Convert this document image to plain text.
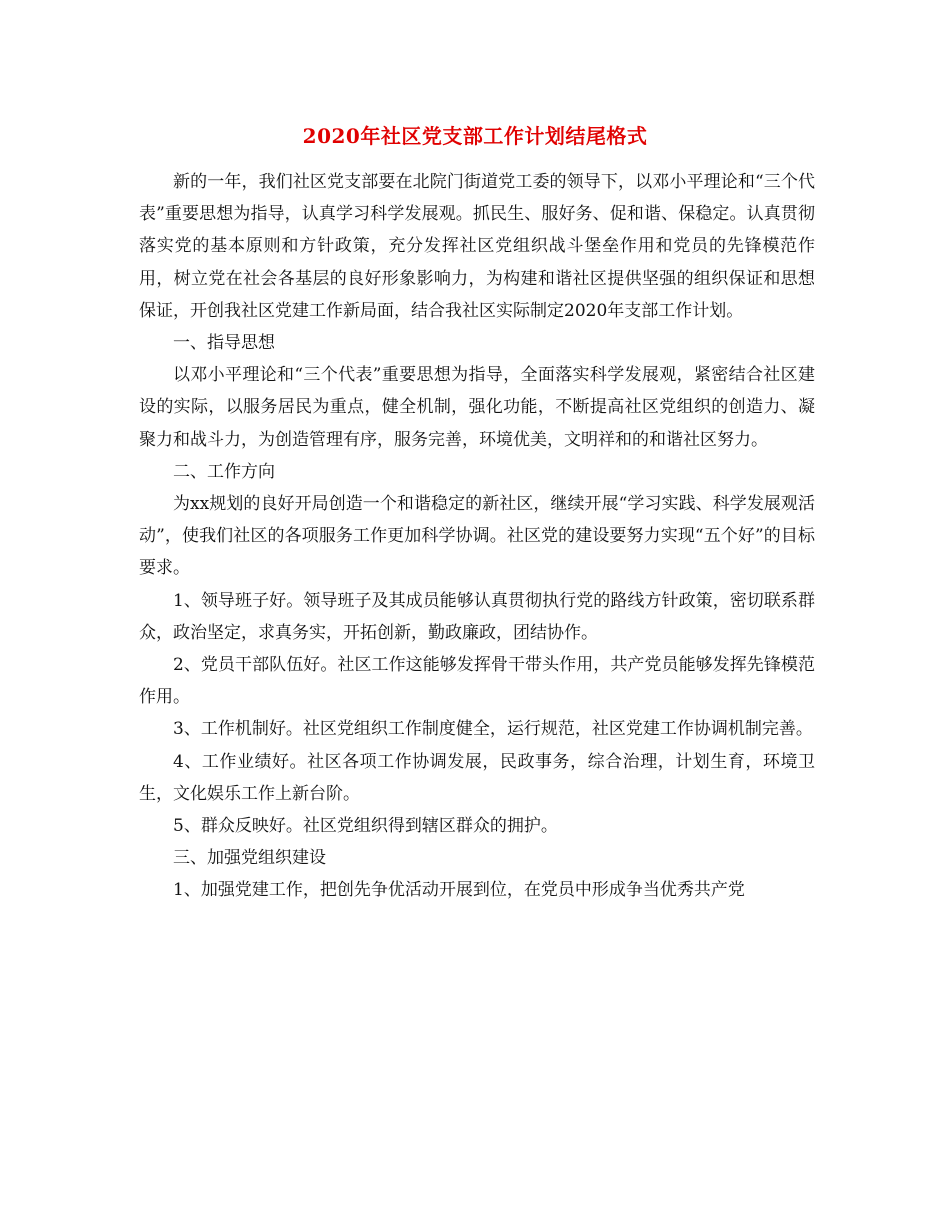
2020年社区党支部工作计划结尾格式

新的一年，我们社区党支部要在北院门街道党工委的领导下，以邓小平理论和“三个代表”重要思想为指导，认真学习科学发展观。抓民生、服好务、促和谐、保稳定。认真贯彻落实党的基本原则和方针政策，充分发挥社区党组织战斗堡垒作用和党员的先锋模范作用，树立党在社会各基层的良好形象影响力，为构建和谐社区提供坚强的组织保证和思想保证，开创我社区党建工作新局面，结合我社区实际制定2020年支部工作计划。

一、指导思想

以邓小平理论和“三个代表”重要思想为指导，全面落实科学发展观，紧密结合社区建设的实际，以服务居民为重点，健全机制，强化功能，不断提高社区党组织的创造力、凝聚力和战斗力，为创造管理有序，服务完善，环境优美，文明祥和的和谐社区努力。

二、工作方向

为xx规划的良好开局创造一个和谐稳定的新社区，继续开展“学习实践、科学发展观活动”，使我们社区的各项服务工作更加科学协调。社区党的建设要努力实现“五个好”的目标要求。

1、领导班子好。领导班子及其成员能够认真贯彻执行党的路线方针政策，密切联系群众，政治坚定，求真务实，开拓创新，勤政廉政，团结协作。

2、党员干部队伍好。社区工作这能够发挥骨干带头作用，共产党员能够发挥先锋模范作用。

3、工作机制好。社区党组织工作制度健全，运行规范，社区党建工作协调机制完善。

4、工作业绩好。社区各项工作协调发展，民政事务，综合治理，计划生育，环境卫生，文化娱乐工作上新台阶。

5、群众反映好。社区党组织得到辖区群众的拥护。

三、加强党组织建设

1、加强党建工作，把创先争优活动开展到位，在党员中形成争当优秀共产党
